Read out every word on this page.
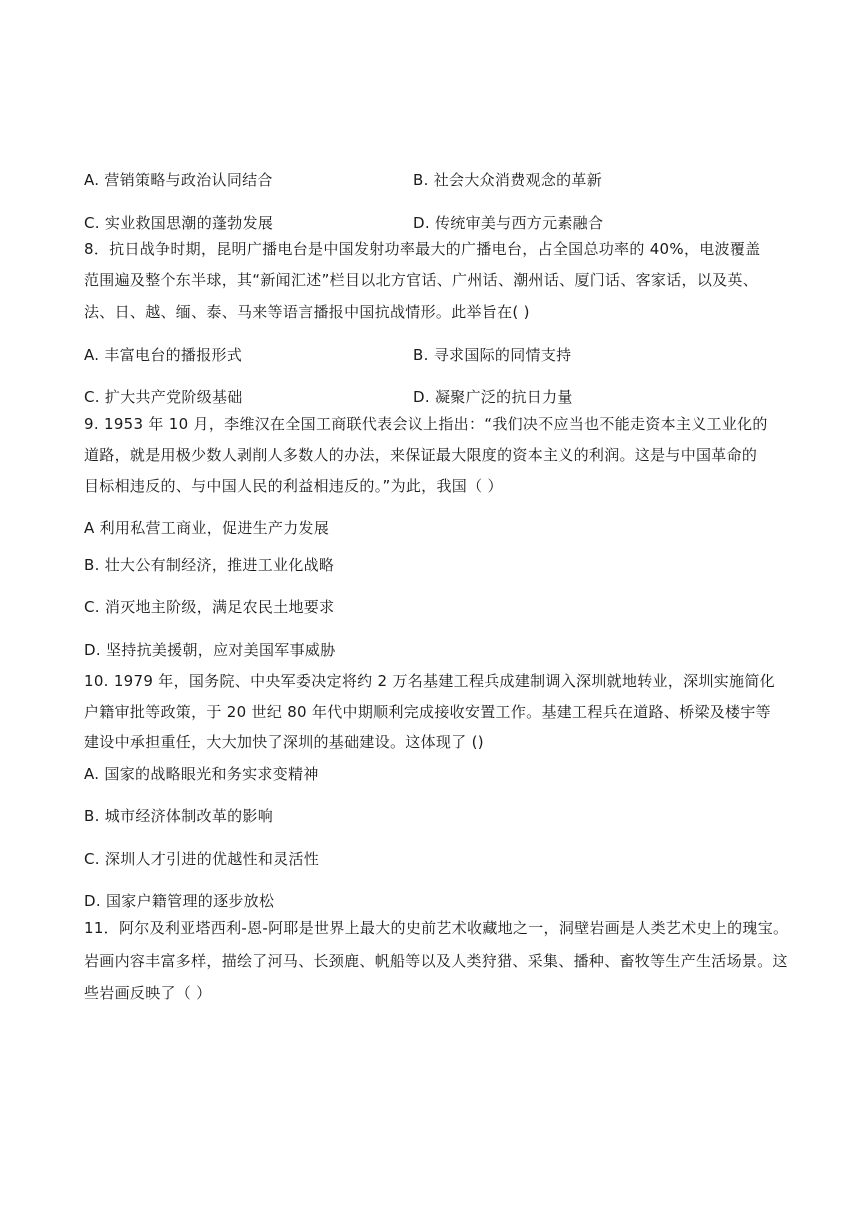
A. 营销策略与政治认同结合	B. 社会大众消费观念的革新
C. 实业救国思潮的蓬勃发展	D. 传统审美与西方元素融合
8．抗日战争时期，昆明广播电台是中国发射功率最大的广播电台，占全国总功率的 40%，电波覆盖
范围遍及整个东半球，其“新闻汇述”栏目以北方官话、广州话、潮州话、厦门话、客家话，以及英、
法、日、越、缅、泰、马来等语言播报中国抗战情形。此举旨在( )
A. 丰富电台的播报形式	B. 寻求国际的同情支持
C. 扩大共产党阶级基础	D. 凝聚广泛的抗日力量
9. 1953 年 10 月，李维汉在全国工商联代表会议上指出：“我们决不应当也不能走资本主义工业化的
道路，就是用极少数人剥削人多数人的办法，来保证最大限度的资本主义的利润。这是与中国革命的
目标相违反的、与中国人民的利益相违反的。”为此，我国（ ）
A 利用私营工商业，促进生产力发展
B. 壮大公有制经济，推进工业化战略
C. 消灭地主阶级，满足农民土地要求
D. 坚持抗美援朝，应对美国军事威胁
10. 1979 年，国务院、中央军委决定将约 2 万名基建工程兵成建制调入深圳就地转业，深圳实施简化
户籍审批等政策，于 20 世纪 80 年代中期顺利完成接收安置工作。基建工程兵在道路、桥梁及楼宇等
建设中承担重任，大大加快了深圳的基础建设。这体现了 ()
A. 国家的战略眼光和务实求变精神
B. 城市经济体制改革的影响
C. 深圳人才引进的优越性和灵活性
D. 国家户籍管理的逐步放松
11．阿尔及利亚塔西利-恩-阿耶是世界上最大的史前艺术收藏地之一，洞壁岩画是人类艺术史上的瑰宝。
岩画内容丰富多样，描绘了河马、长颈鹿、帆船等以及人类狩猎、采集、播种、畜牧等生产生活场景。这
些岩画反映了（ ）
